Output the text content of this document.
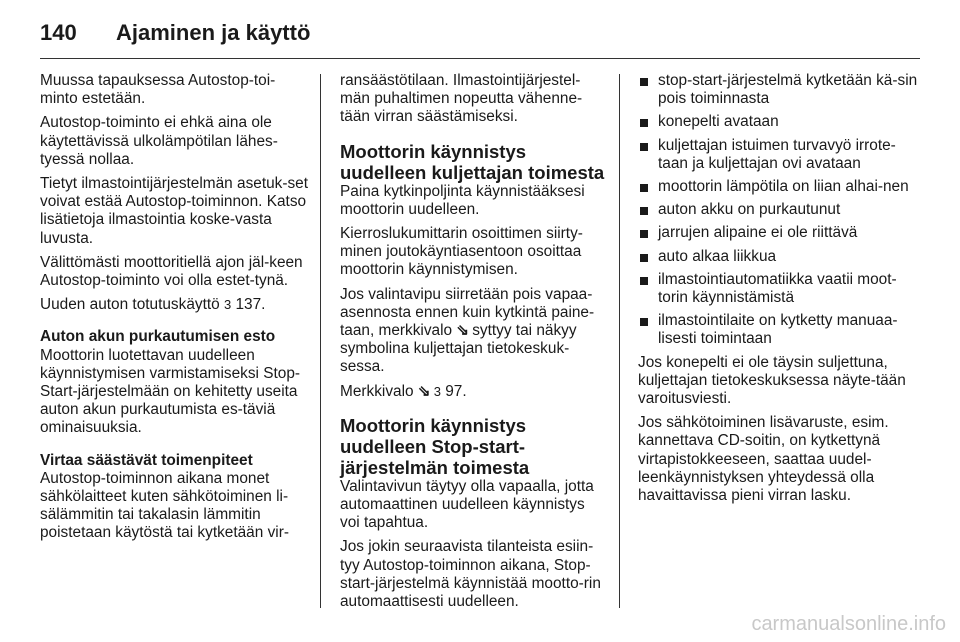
140 Ajaminen ja käyttö

Muussa tapauksessa Autostop-toi-minto estetään.

Autostop-toiminto ei ehkä aina ole käytettävissä ulkolämpötilan lähes-tyessä nollaa.

Tietyt ilmastointijärjestelmän asetuk-set voivat estää Autostop-toiminnon. Katso lisätietoja ilmastointia koske-vasta luvusta.

Välittömästi moottoritiellä ajon jäl-keen Autostop-toiminto voi olla estet-tynä.

Uuden auton totutuskäyttö 3 137.

Auton akun purkautumisen esto

Moottorin luotettavan uudelleen käynnistymisen varmistamiseksi Stop-Start-järjestelmään on kehitetty useita auton akun purkautumista es-täviä ominaisuuksia.

Virtaa säästävät toimenpiteet

Autostop-toiminnon aikana monet sähkölaitteet kuten sähkötoiminen li-sälämmitin tai takalasin lämmitin poistetaan käytöstä tai kytketään vir-

ransäästötilaan. Ilmastointijärjestel-män puhaltimen nopeutta vähenne-tään virran säästämiseksi.

Moottorin käynnistys uudelleen kuljettajan toimesta

Paina kytkinpoljinta käynnistääksesi moottorin uudelleen.

Kierroslukumittarin osoittimen siirty-minen joutokäyntiasentoon osoittaa moottorin käynnistymisen.

Jos valintavipu siirretään pois vapaa-asennosta ennen kuin kytkintä paine-taan, merkkivalo ⇘ syttyy tai näkyy symbolina kuljettajan tietokeskuk-sessa.

Merkkivalo ⇘ 3 97.

Moottorin käynnistys uudelleen Stop-start-järjestelmän toimesta

Valintavivun täytyy olla vapaalla, jotta automaattinen uudelleen käynnistys voi tapahtua.

Jos jokin seuraavista tilanteista esiin-tyy Autostop-toiminnon aikana, Stop-start-järjestelmä käynnistää mootto-rin automaattisesti uudelleen.

stop-start-järjestelmä kytketään kä-sin pois toiminnasta
konepelti avataan
kuljettajan istuimen turvavyö irrote-taan ja kuljettajan ovi avataan
moottorin lämpötila on liian alhai-nen
auton akku on purkautunut
jarrujen alipaine ei ole riittävä
auto alkaa liikkua
ilmastointiautomatiikka vaatii moot-torin käynnistämistä
ilmastointilaite on kytketty manuaa-lisesti toimintaan

Jos konepelti ei ole täysin suljettuna, kuljettajan tietokeskuksessa näyte-tään varoitusviesti.

Jos sähkötoiminen lisävaruste, esim. kannettava CD-soitin, on kytkettynä virtapistokkeeseen, saattaa uudel-leenkäynnistyksen yhteydessä olla havaittavissa pieni virran lasku.

carmanualsonline.info
